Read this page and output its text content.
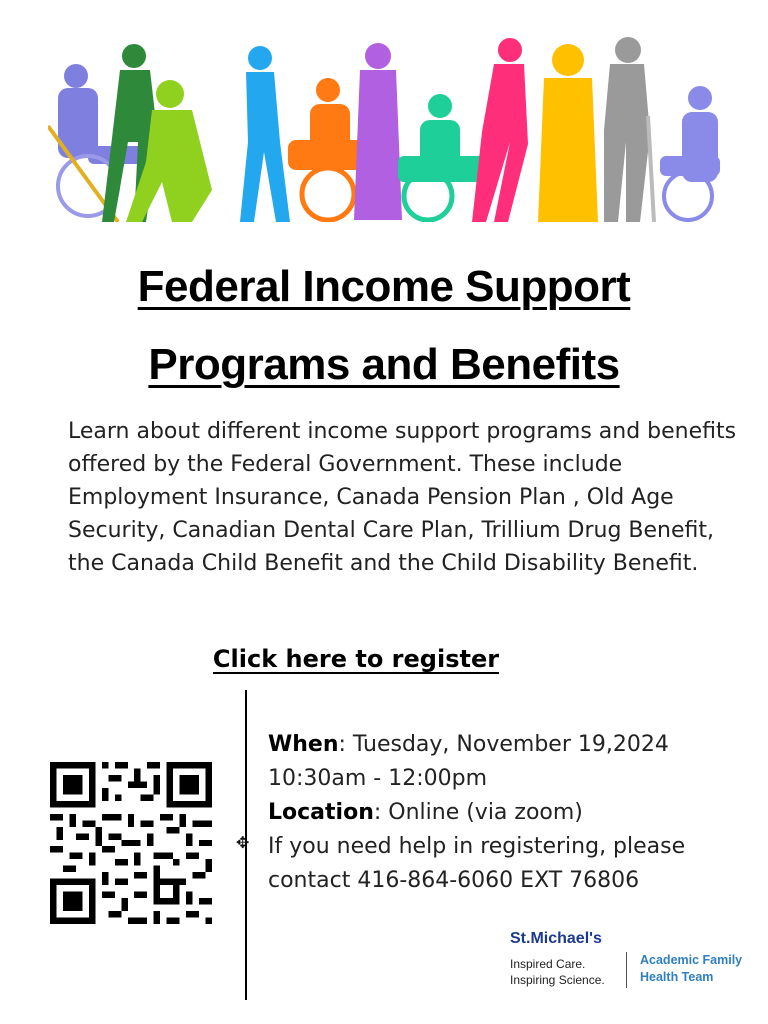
Federal Income Support
Programs and Benefits

Learn about different income support programs and benefits offered by the Federal Government. These include Employment Insurance, Canada Pension Plan , Old Age Security, Canadian Dental Care Plan, Trillium Drug Benefit, the Canada Child Benefit and the Child Disability Benefit.

Click here to register
✥
When: Tuesday, November 19,2024
10:30am - 12:00pm
Location: Online (via zoom)
If you need help in registering, please
contact 416-864-6060 EXT 76806
St.Michael's
Inspired Care.
Inspiring Science.
Academic Family
Health Team
